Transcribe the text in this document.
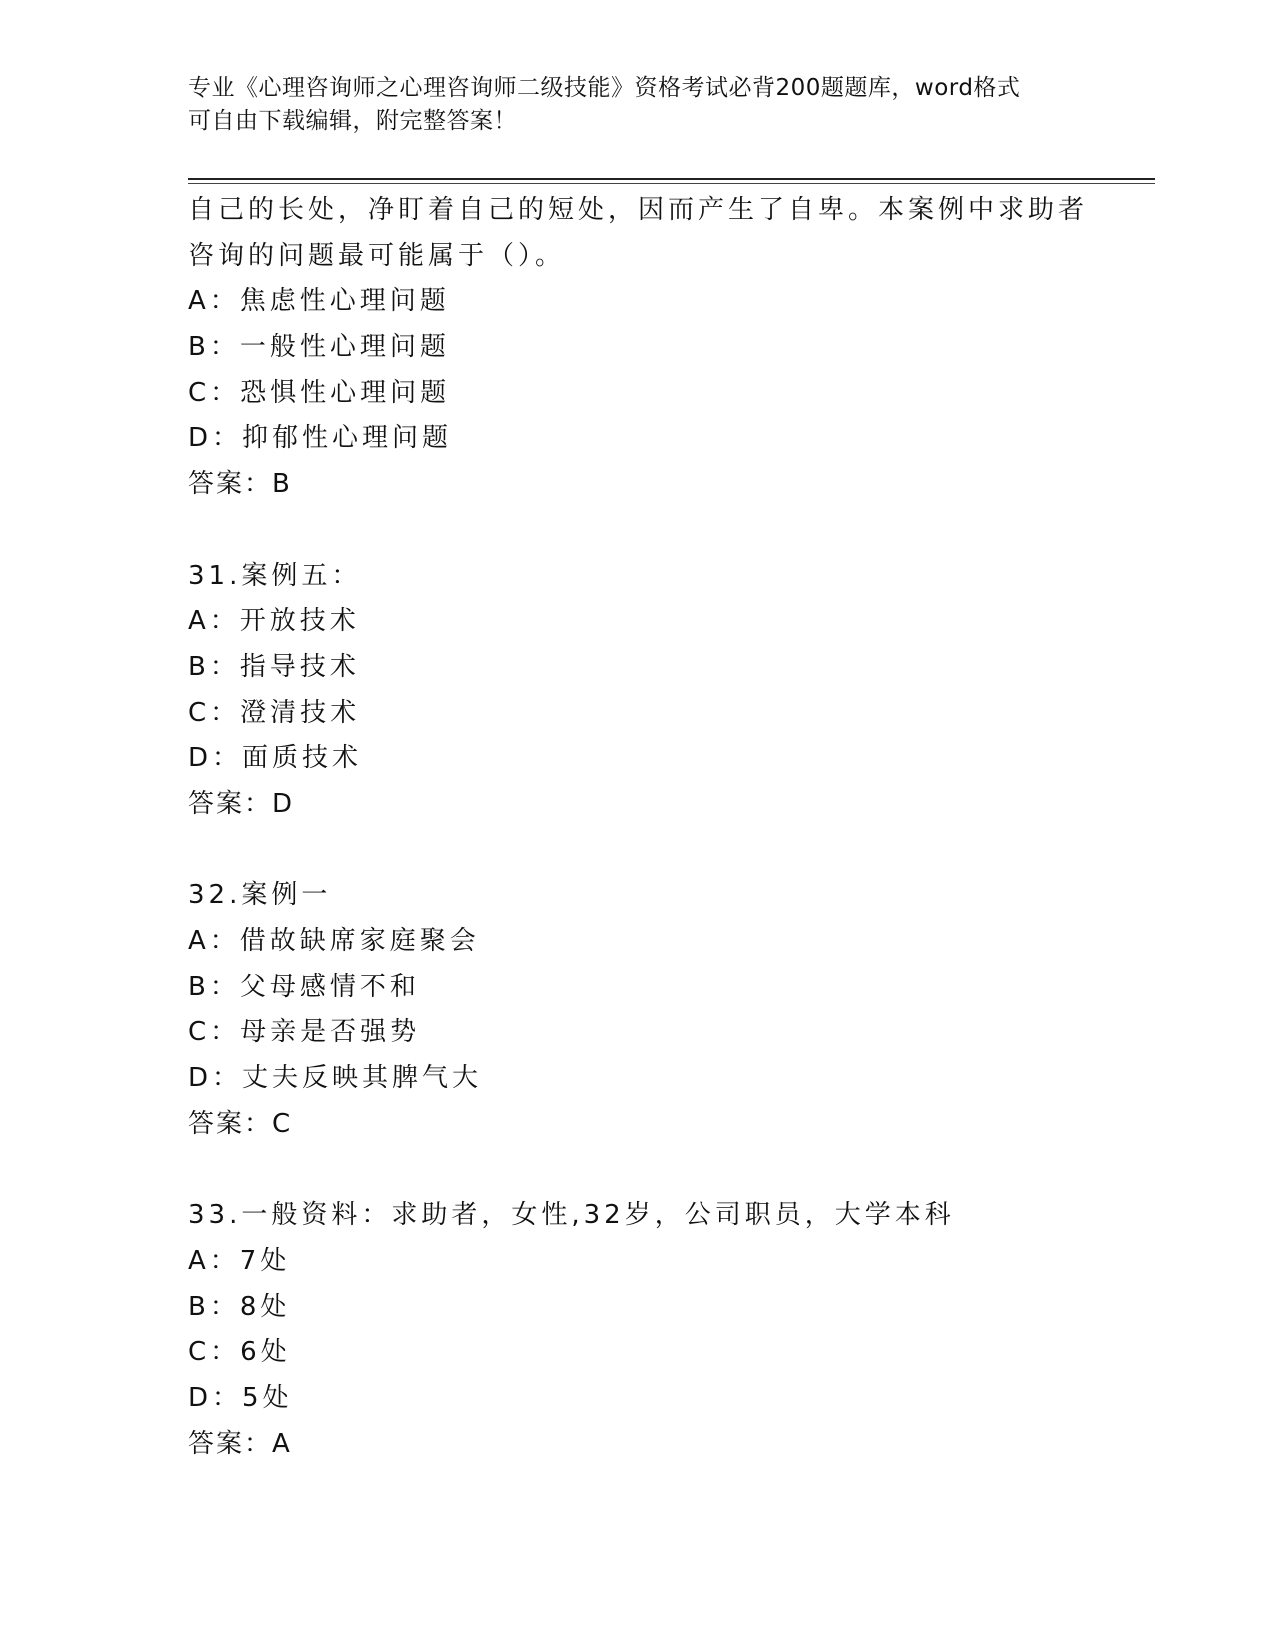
专业《心理咨询师之心理咨询师二级技能》资格考试必背200题题库，word格式
可自由下载编辑，附完整答案！
自己的长处，净盯着自己的短处，因而产生了自卑。本案例中求助者
咨询的问题最可能属于（）。
A：焦虑性心理问题
B：一般性心理问题
C：恐惧性心理问题
D：抑郁性心理问题
答案：B
31.案例五：
A：开放技术
B：指导技术
C：澄清技术
D：面质技术
答案：D
32.案例一
A：借故缺席家庭聚会
B：父母感情不和
C：母亲是否强势
D：丈夫反映其脾气大
答案：C
33.一般资料：求助者，女性,32岁，公司职员，大学本科
A：7处
B：8处
C：6处
D：5处
答案：A
